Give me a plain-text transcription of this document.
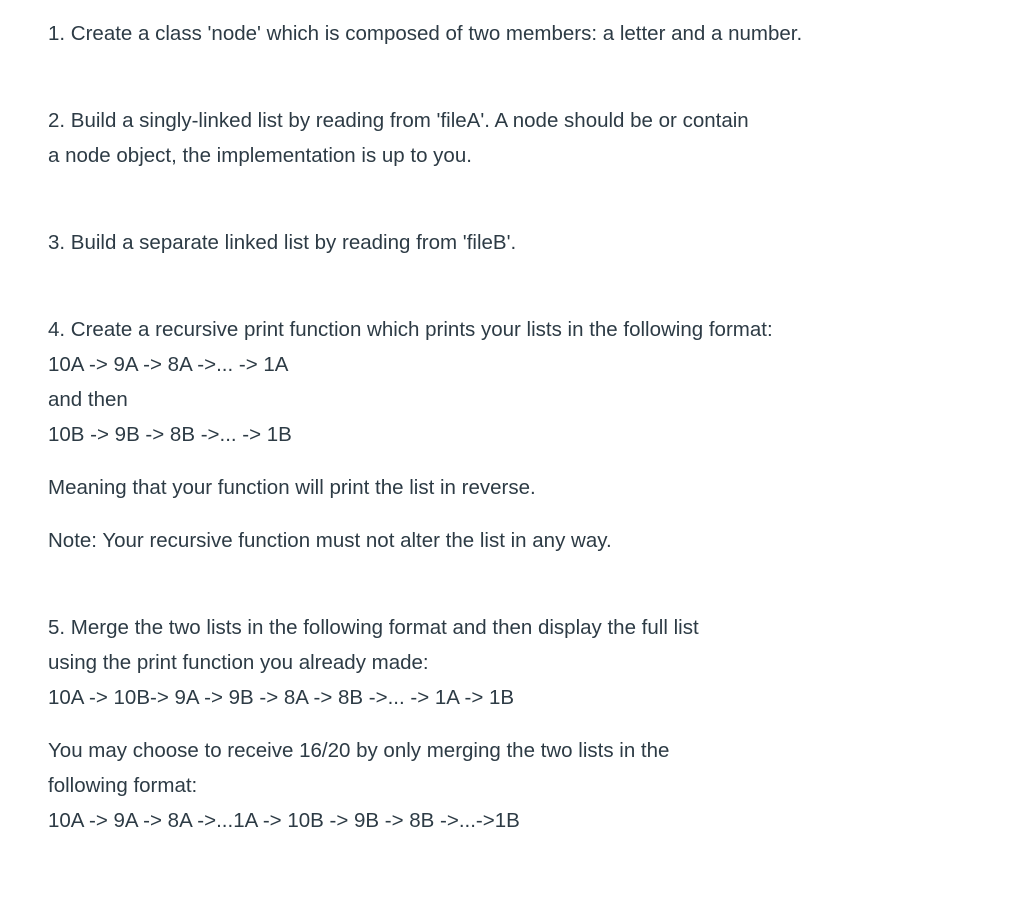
1. Create a class 'node' which is composed of two members: a letter and a number.

2. Build a singly-linked list by reading from 'fileA'. A node should be or contain

a node object, the implementation is up to you.

3. Build a separate linked list by reading from 'fileB'.

4. Create a recursive print function which prints your lists in the following format:

10A -> 9A -> 8A ->... -> 1A

and then

10B -> 9B -> 8B ->... -> 1B

Meaning that your function will print the list in reverse.

Note: Your recursive function must not alter the list in any way.

5. Merge the two lists in the following format and then display the full list

using the print function you already made:

10A -> 10B-> 9A -> 9B -> 8A -> 8B ->... -> 1A -> 1B

You may choose to receive 16/20 by only merging the two lists in the

following format:

10A -> 9A -> 8A ->...1A -> 10B -> 9B -> 8B ->...->1B
